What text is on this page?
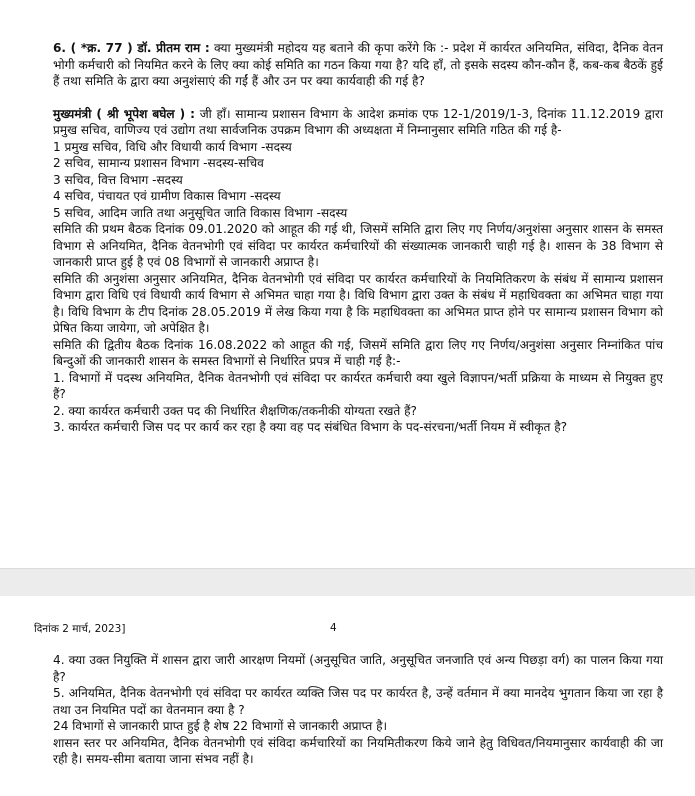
6. ( *क्र. 77 ) डॉ. प्रीतम राम : क्या मुख्यमंत्री महोदय यह बताने की कृपा करेंगे कि :- प्रदेश में कार्यरत अनियमित, संविदा, दैनिक वेतन भोगी कर्मचारी को नियमित करने के लिए क्या कोई समिति का गठन किया गया है? यदि हाँ, तो इसके सदस्य कौन-कौन हैं, कब-कब बैठकें हुई हैं तथा समिति के द्वारा क्या अनुशंसाएं की गईं हैं और उन पर क्या कार्यवाही की गई है?

मुख्यमंत्री ( श्री भूपेश बघेल ) : जी हाँ। सामान्य प्रशासन विभाग के आदेश क्रमांक एफ 12-1/2019/1-3, दिनांक 11.12.2019 द्वारा प्रमुख सचिव, वाणिज्य एवं उद्योग तथा सार्वजनिक उपक्रम विभाग की अध्यक्षता में निम्नानुसार समिति गठित की गई है-

1 प्रमुख सचिव, विधि और विधायी कार्य विभाग -सदस्य
2 सचिव, सामान्य प्रशासन विभाग -सदस्य-सचिव
3 सचिव, वित्त विभाग -सदस्य
4 सचिव, पंचायत एवं ग्रामीण विकास विभाग -सदस्य
5 सचिव, आदिम जाति तथा अनुसूचित जाति विकास विभाग -सदस्य

समिति की प्रथम बैठक दिनांक 09.01.2020 को आहूत की गई थी, जिसमें समिति द्वारा लिए गए निर्णय/अनुशंसा अनुसार शासन के समस्त विभाग से अनियमित, दैनिक वेतनभोगी एवं संविदा पर कार्यरत कर्मचारियों की संख्यात्मक जानकारी चाही गई है। शासन के 38 विभाग से जानकारी प्राप्त हुई है एवं 08 विभागों से जानकारी अप्राप्त है।

समिति की अनुशंसा अनुसार अनियमित, दैनिक वेतनभोगी एवं संविदा पर कार्यरत कर्मचारियों के नियमितिकरण के संबंध में सामान्य प्रशासन विभाग द्वारा विधि एवं विधायी कार्य विभाग से अभिमत चाहा गया है। विधि विभाग द्वारा उक्त के संबंध में महाधिवक्ता का अभिमत चाहा गया है। विधि विभाग के टीप दिनांक 28.05.2019 में लेख किया गया है कि महाधिवक्ता का अभिमत प्राप्त होने पर सामान्य प्रशासन विभाग को प्रेषित किया जायेगा, जो अपेक्षित है।

समिति की द्वितीय बैठक दिनांक 16.08.2022 को आहूत की गई, जिसमें समिति द्वारा लिए गए निर्णय/अनुशंसा अनुसार निम्नांकित पांच बिन्दुओं की जानकारी शासन के समस्त विभागों से निर्धारित प्रपत्र में चाही गई है:-

1. विभागों में पदस्थ अनियमित, दैनिक वेतनभोगी एवं संविदा पर कार्यरत कर्मचारी क्या खुले विज्ञापन/भर्ती प्रक्रिया के माध्यम से नियुक्त हुए हैं?

2. क्या कार्यरत कर्मचारी उक्त पद की निर्धारित शैक्षणिक/तकनीकी योग्यता रखते हैं?

3. कार्यरत कर्मचारी जिस पद पर कार्य कर रहा है क्या वह पद संबंधित विभाग के पद-संरचना/भर्ती नियम में स्वीकृत है?

दिनांक 2 मार्च, 2023]	4

4. क्या उक्त नियुक्ति में शासन द्वारा जारी आरक्षण नियमों (अनुसूचित जाति, अनुसूचित जनजाति एवं अन्य पिछड़ा वर्ग) का पालन किया गया है?

5. अनियमित, दैनिक वेतनभोगी एवं संविदा पर कार्यरत व्यक्ति जिस पद पर कार्यरत है, उन्हें वर्तमान में क्या मानदेय भुगतान किया जा रहा है तथा उन नियमित पदों का वेतनमान क्या है ?

24 विभागों से जानकारी प्राप्त हुई है शेष 22 विभागों से जानकारी अप्राप्त है।

शासन स्तर पर अनियमित, दैनिक वेतनभोगी एवं संविदा कर्मचारियों का नियमितीकरण किये जाने हेतु विधिवत/नियमानुसार कार्यवाही की जा रही है। समय-सीमा बताया जाना संभव नहीं है।
